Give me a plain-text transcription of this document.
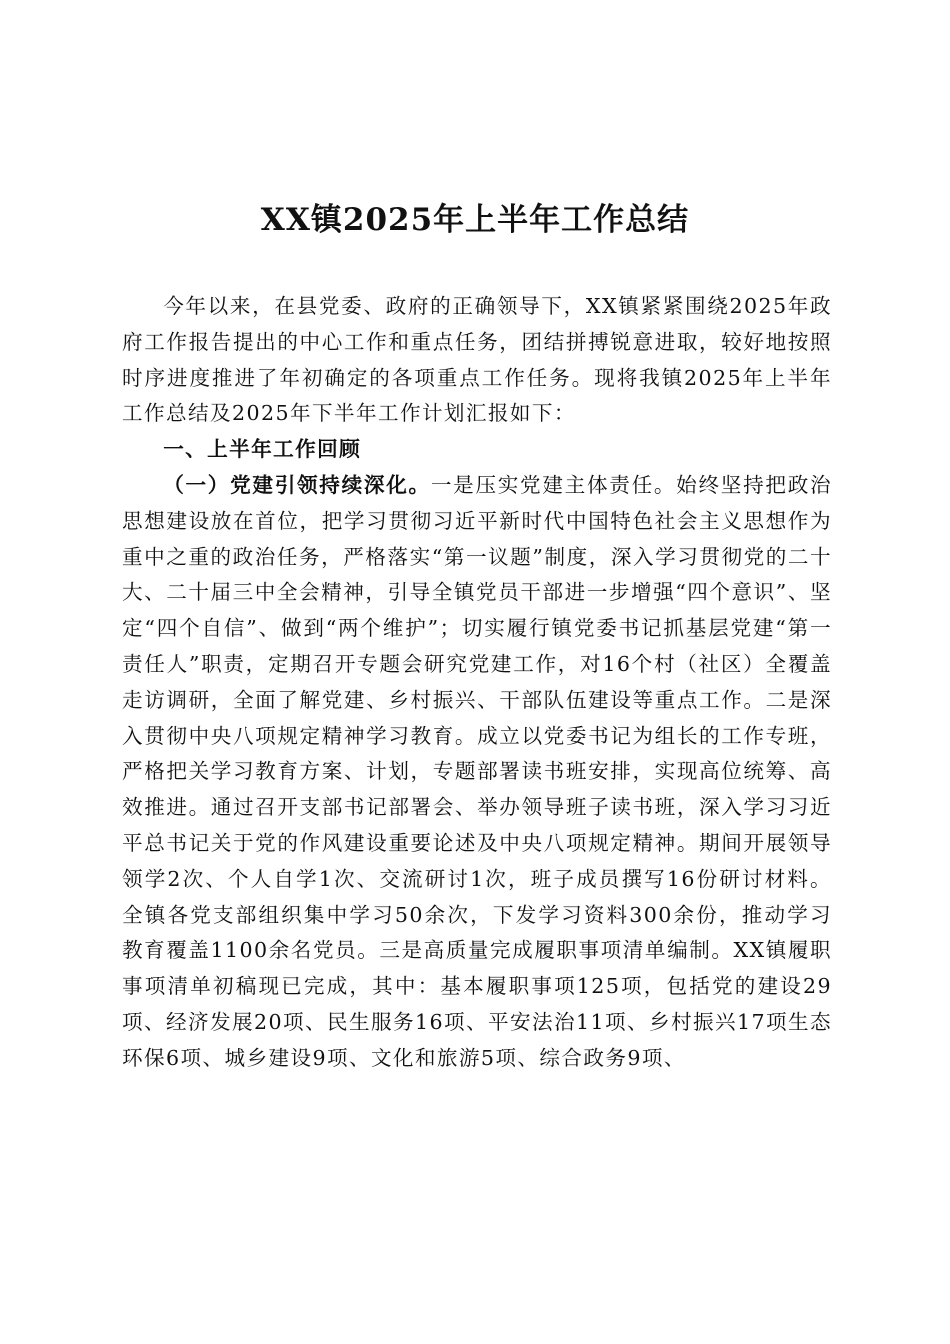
XX镇2025年上半年工作总结

今年以来，在县党委、政府的正确领导下，XX镇紧紧围绕2025年政府工作报告提出的中心工作和重点任务，团结拼搏锐意进取，较好地按照时序进度推进了年初确定的各项重点工作任务。现将我镇2025年上半年工作总结及2025年下半年工作计划汇报如下：

一、上半年工作回顾

（一）党建引领持续深化。一是压实党建主体责任。始终坚持把政治思想建设放在首位，把学习贯彻习近平新时代中国特色社会主义思想作为重中之重的政治任务，严格落实“第一议题”制度，深入学习贯彻党的二十大、二十届三中全会精神，引导全镇党员干部进一步增强“四个意识”、坚定“四个自信”、做到“两个维护”；切实履行镇党委书记抓基层党建“第一责任人”职责，定期召开专题会研究党建工作，对16个村（社区）全覆盖走访调研，全面了解党建、乡村振兴、干部队伍建设等重点工作。二是深入贯彻中央八项规定精神学习教育。成立以党委书记为组长的工作专班，严格把关学习教育方案、计划，专题部署读书班安排，实现高位统筹、高效推进。通过召开支部书记部署会、举办领导班子读书班，深入学习习近平总书记关于党的作风建设重要论述及中央八项规定精神。期间开展领导领学2次、个人自学1次、交流研讨1次，班子成员撰写16份研讨材料。全镇各党支部组织集中学习50余次，下发学习资料300余份，推动学习教育覆盖1100余名党员。三是高质量完成履职事项清单编制。XX镇履职事项清单初稿现已完成，其中：基本履职事项125项，包括党的建设29项、经济发展20项、民生服务16项、平安法治11项、乡村振兴17项生态环保6项、城乡建设9项、文化和旅游5项、综合政务9项、
